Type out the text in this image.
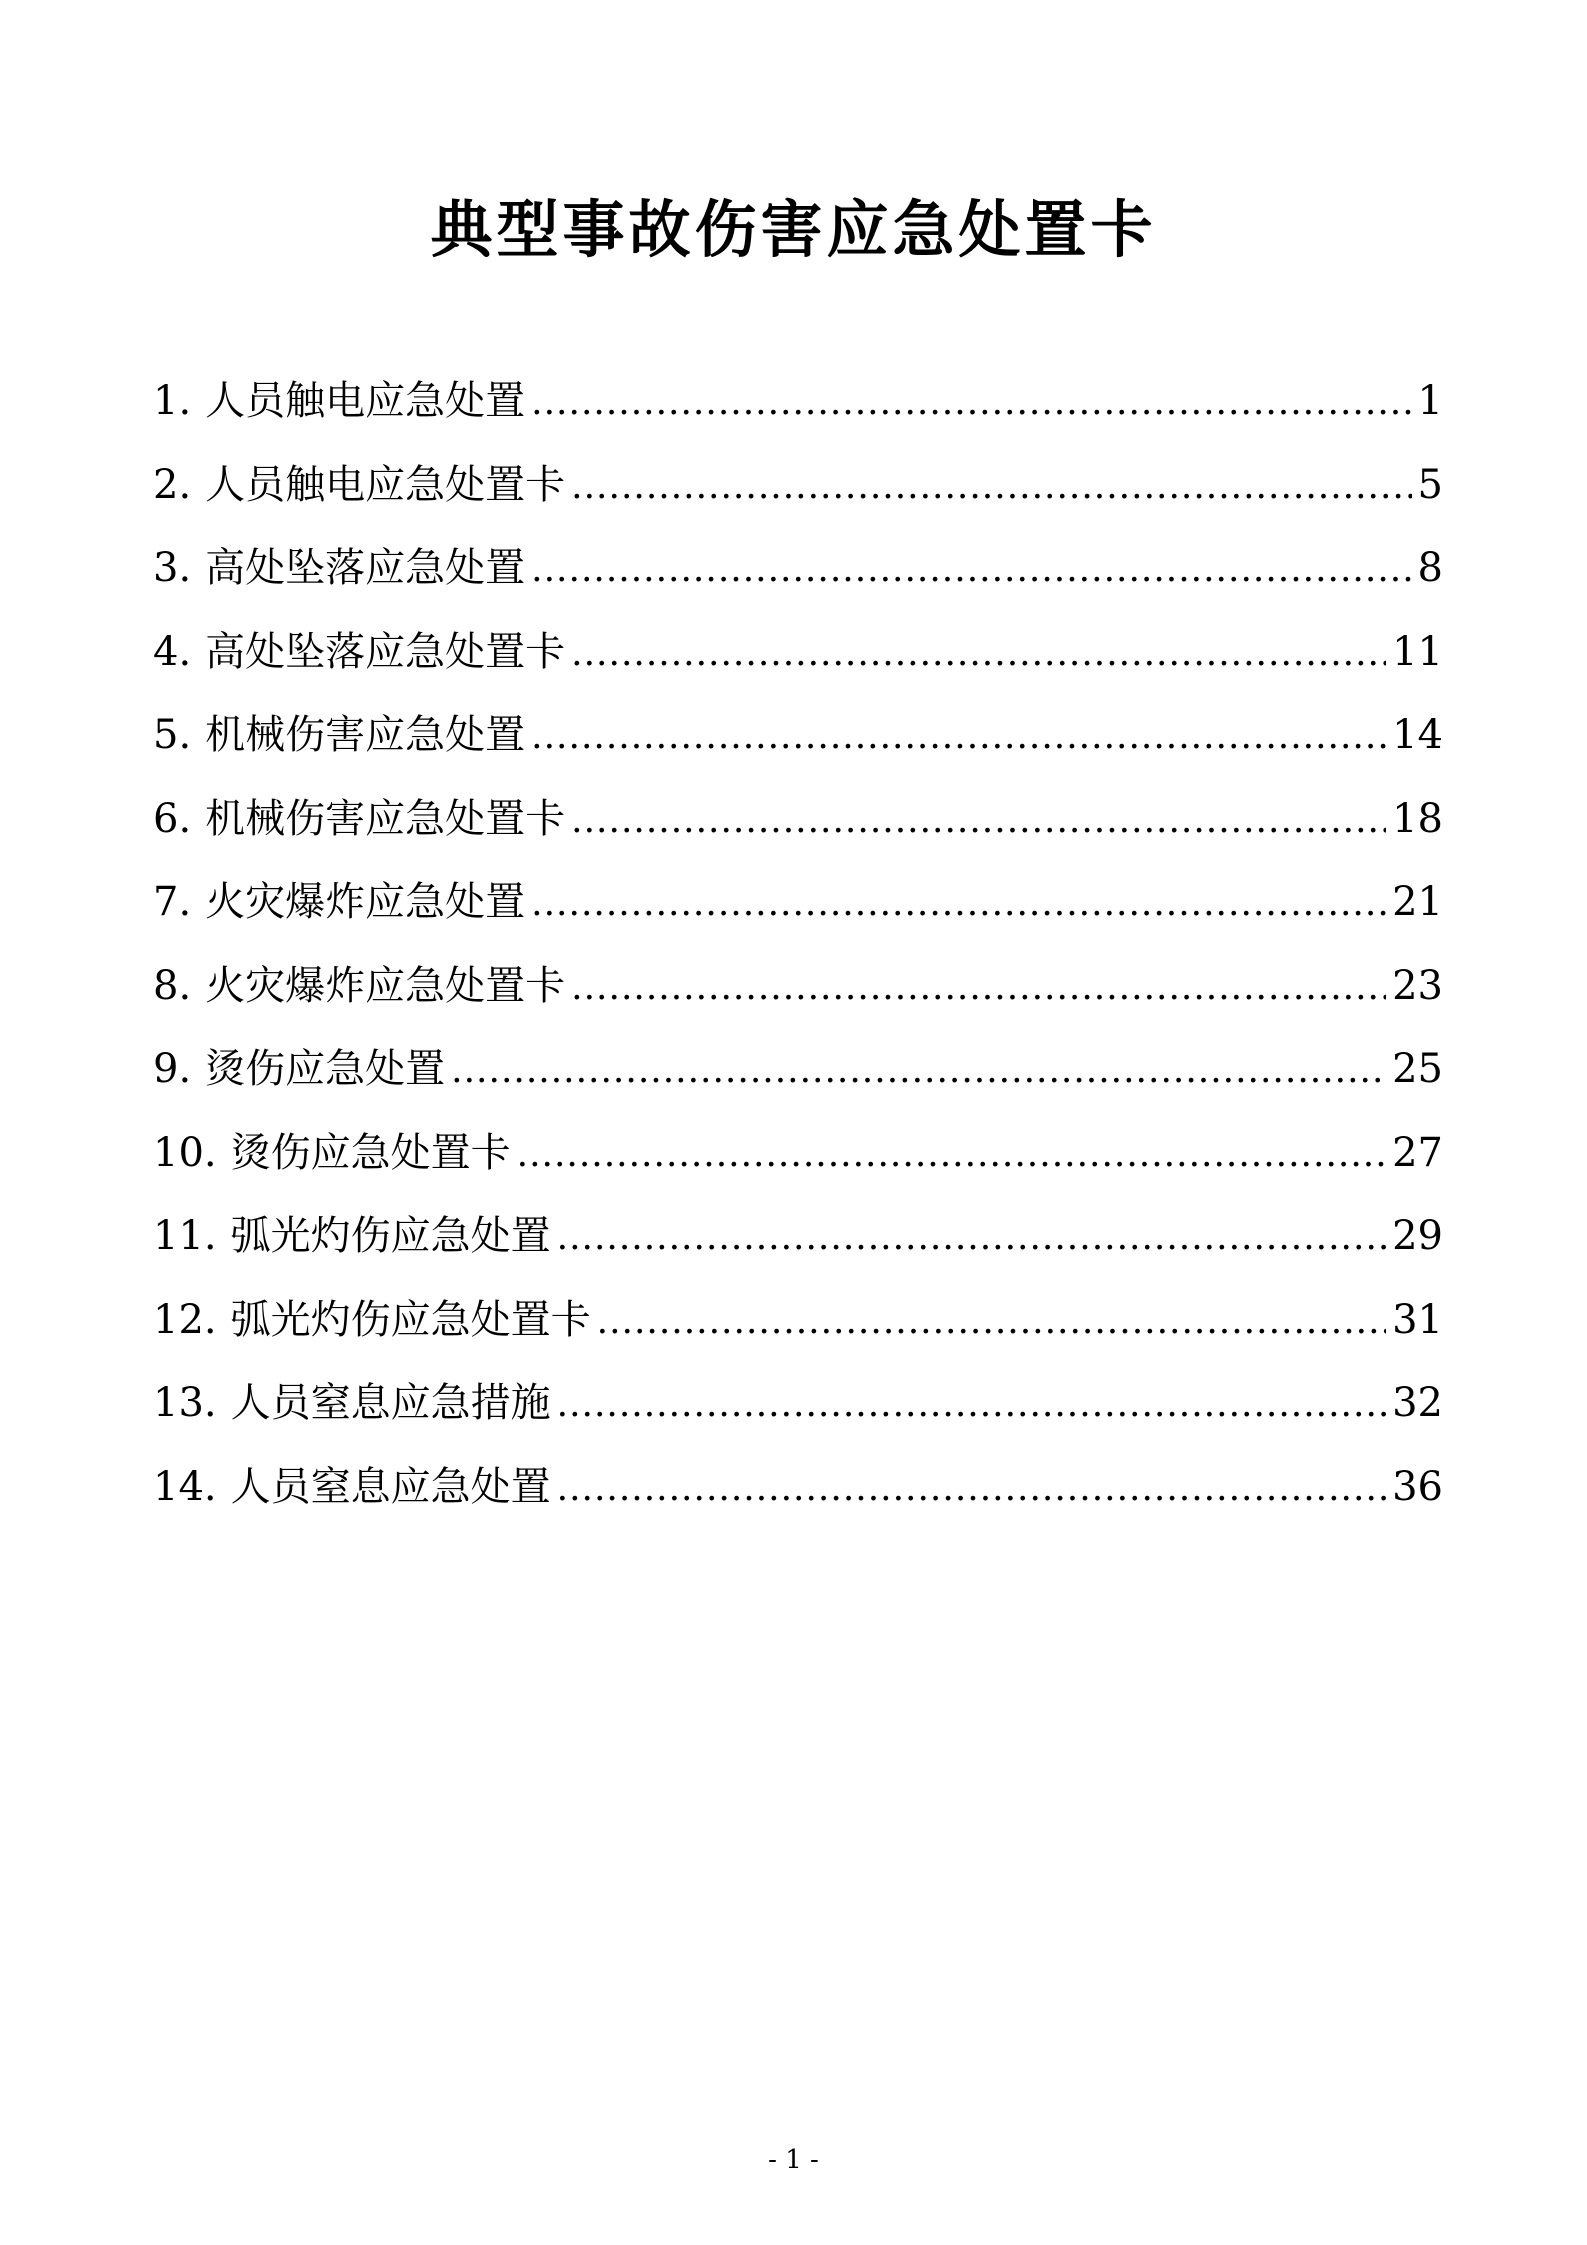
典型事故伤害应急处置卡
1. 人员触电应急处置 .....	1
2. 人员触电应急处置卡 .....	5
3. 高处坠落应急处置 .....	8
4. 高处坠落应急处置卡 .....	11
5. 机械伤害应急处置 .....	14
6. 机械伤害应急处置卡 .....	18
7. 火灾爆炸应急处置 .....	21
8. 火灾爆炸应急处置卡 .....	23
9. 烫伤应急处置 .....	25
10. 烫伤应急处置卡 .....	27
11. 弧光灼伤应急处置 .....	29
12. 弧光灼伤应急处置卡 .....	31
13. 人员窒息应急措施 .....	32
14. 人员窒息应急处置 .....	36
- 1 -
